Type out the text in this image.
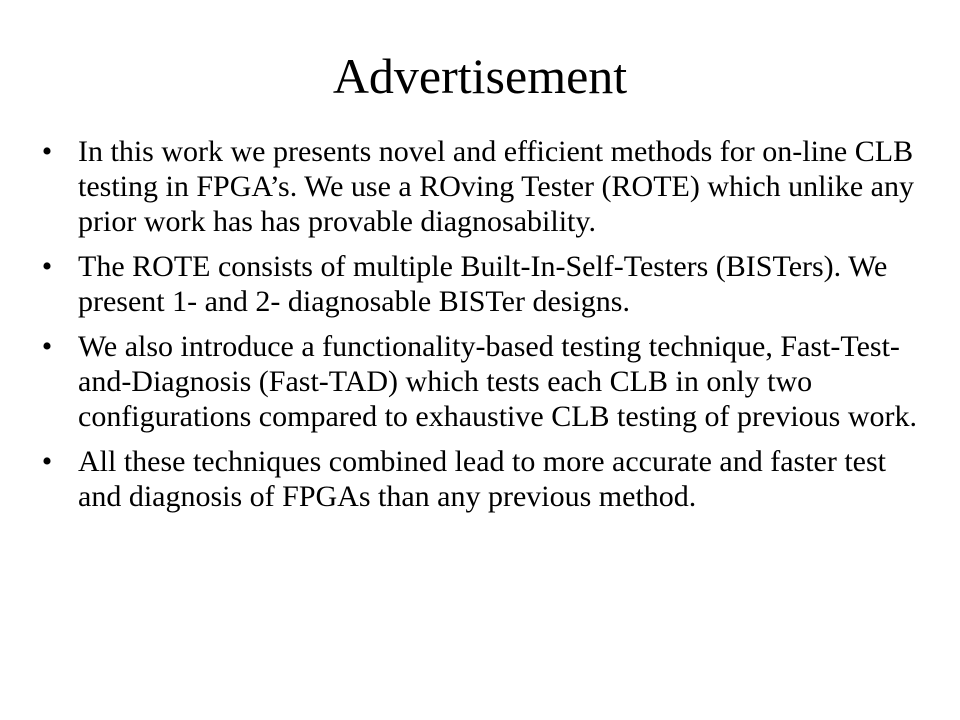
Advertisement
• In this work we presents novel and efficient methods for on-line CLB testing in FPGA’s. We use a ROving Tester (ROTE) which unlike any prior work has has provable diagnosability.
• The ROTE consists of multiple Built-In-Self-Testers (BISTers). We present 1- and 2- diagnosable BISTer designs.
• We also introduce a functionality-based testing technique, Fast-Test-and-Diagnosis (Fast-TAD) which tests each CLB in only two configurations compared to exhaustive CLB testing of previous work.
• All these techniques combined lead to more accurate and faster test and diagnosis of FPGAs than any previous method.
